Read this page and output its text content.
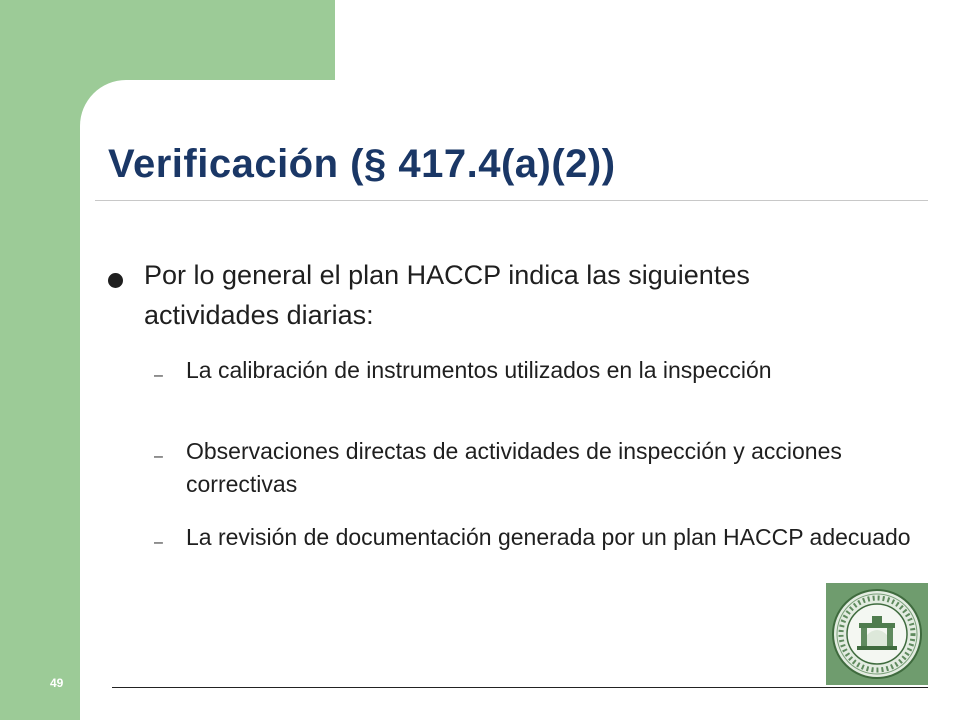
Verificación (§ 417.4(a)(2))
Por lo general el plan HACCP indica las siguientes actividades diarias:
– La calibración de instrumentos utilizados en la inspección
– Observaciones directas de actividades de inspección y acciones correctivas
– La revisión de documentación generada por un plan HACCP adecuado
49
